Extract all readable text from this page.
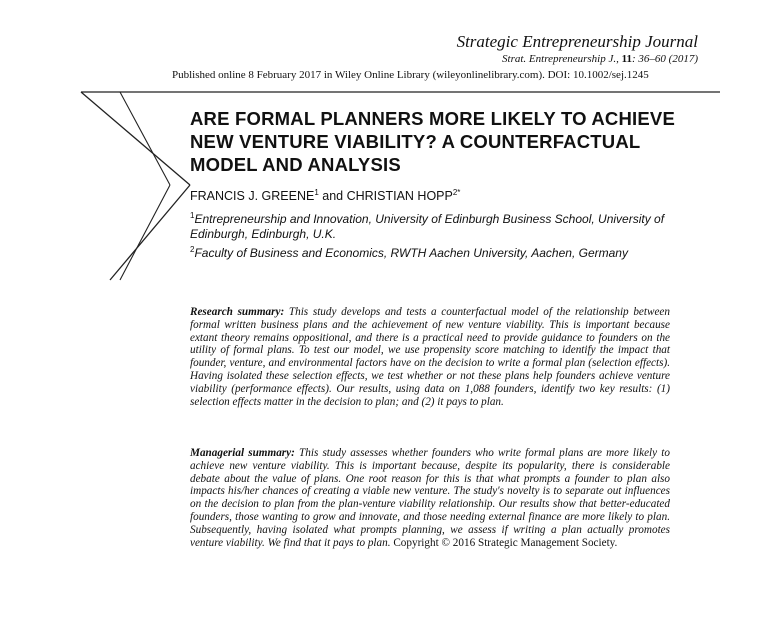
Strategic Entrepreneurship Journal
Strat. Entrepreneurship J., 11: 36–60 (2017)
Published online 8 February 2017 in Wiley Online Library (wileyonlinelibrary.com). DOI: 10.1002/sej.1245
ARE FORMAL PLANNERS MORE LIKELY TO ACHIEVE
NEW VENTURE VIABILITY? A COUNTERFACTUAL
MODEL AND ANALYSIS
FRANCIS J. GREENE$^1$ and CHRISTIAN $HOPP^{2*}$
$^1$Entrepreneurship and Innovation, University of Edinburgh Business School, University of Edinburgh, Edinburgh, U.K.
$^2$Faculty of Business and Economics, RWTH Aachen University, Aachen, Germany
Research summary: This study develops and tests a counterfactual model of the relationship between formal written business plans and the achievement of new venture viability. This is important because extant theory remains oppositional, and there is a practical need to provide guidance to founders on the utility of formal plans. To test our model, we use propensity score matching to identify the impact that founder, venture, and environmental factors have on the decision to write a formal plan (selection effects). Having isolated these selection effects, we test whether or not these plans help founders achieve venture viability (performance effects). Our results, using data on 1,088 founders, identify two key results: (1) selection effects matter in the decision to plan; and (2) it pays to plan.
Managerial summary: This study assesses whether founders who write formal plans are more likely to achieve new venture viability. This is important because, despite its popularity, there is considerable debate about the value of plans. One root reason for this is that what prompts a founder to plan also impacts his/her chances of creating a viable new venture. The study's novelty is to separate out influences on the decision to plan from the plan-venture viability relationship. Our results show that better-educated founders, those wanting to grow and innovate, and those needing external finance are more likely to plan. Subsequently, having isolated what prompts planning, we assess if writing a plan actually promotes venture viability. We find that it pays to plan. Copyright © 2016 Strategic Management Society.
